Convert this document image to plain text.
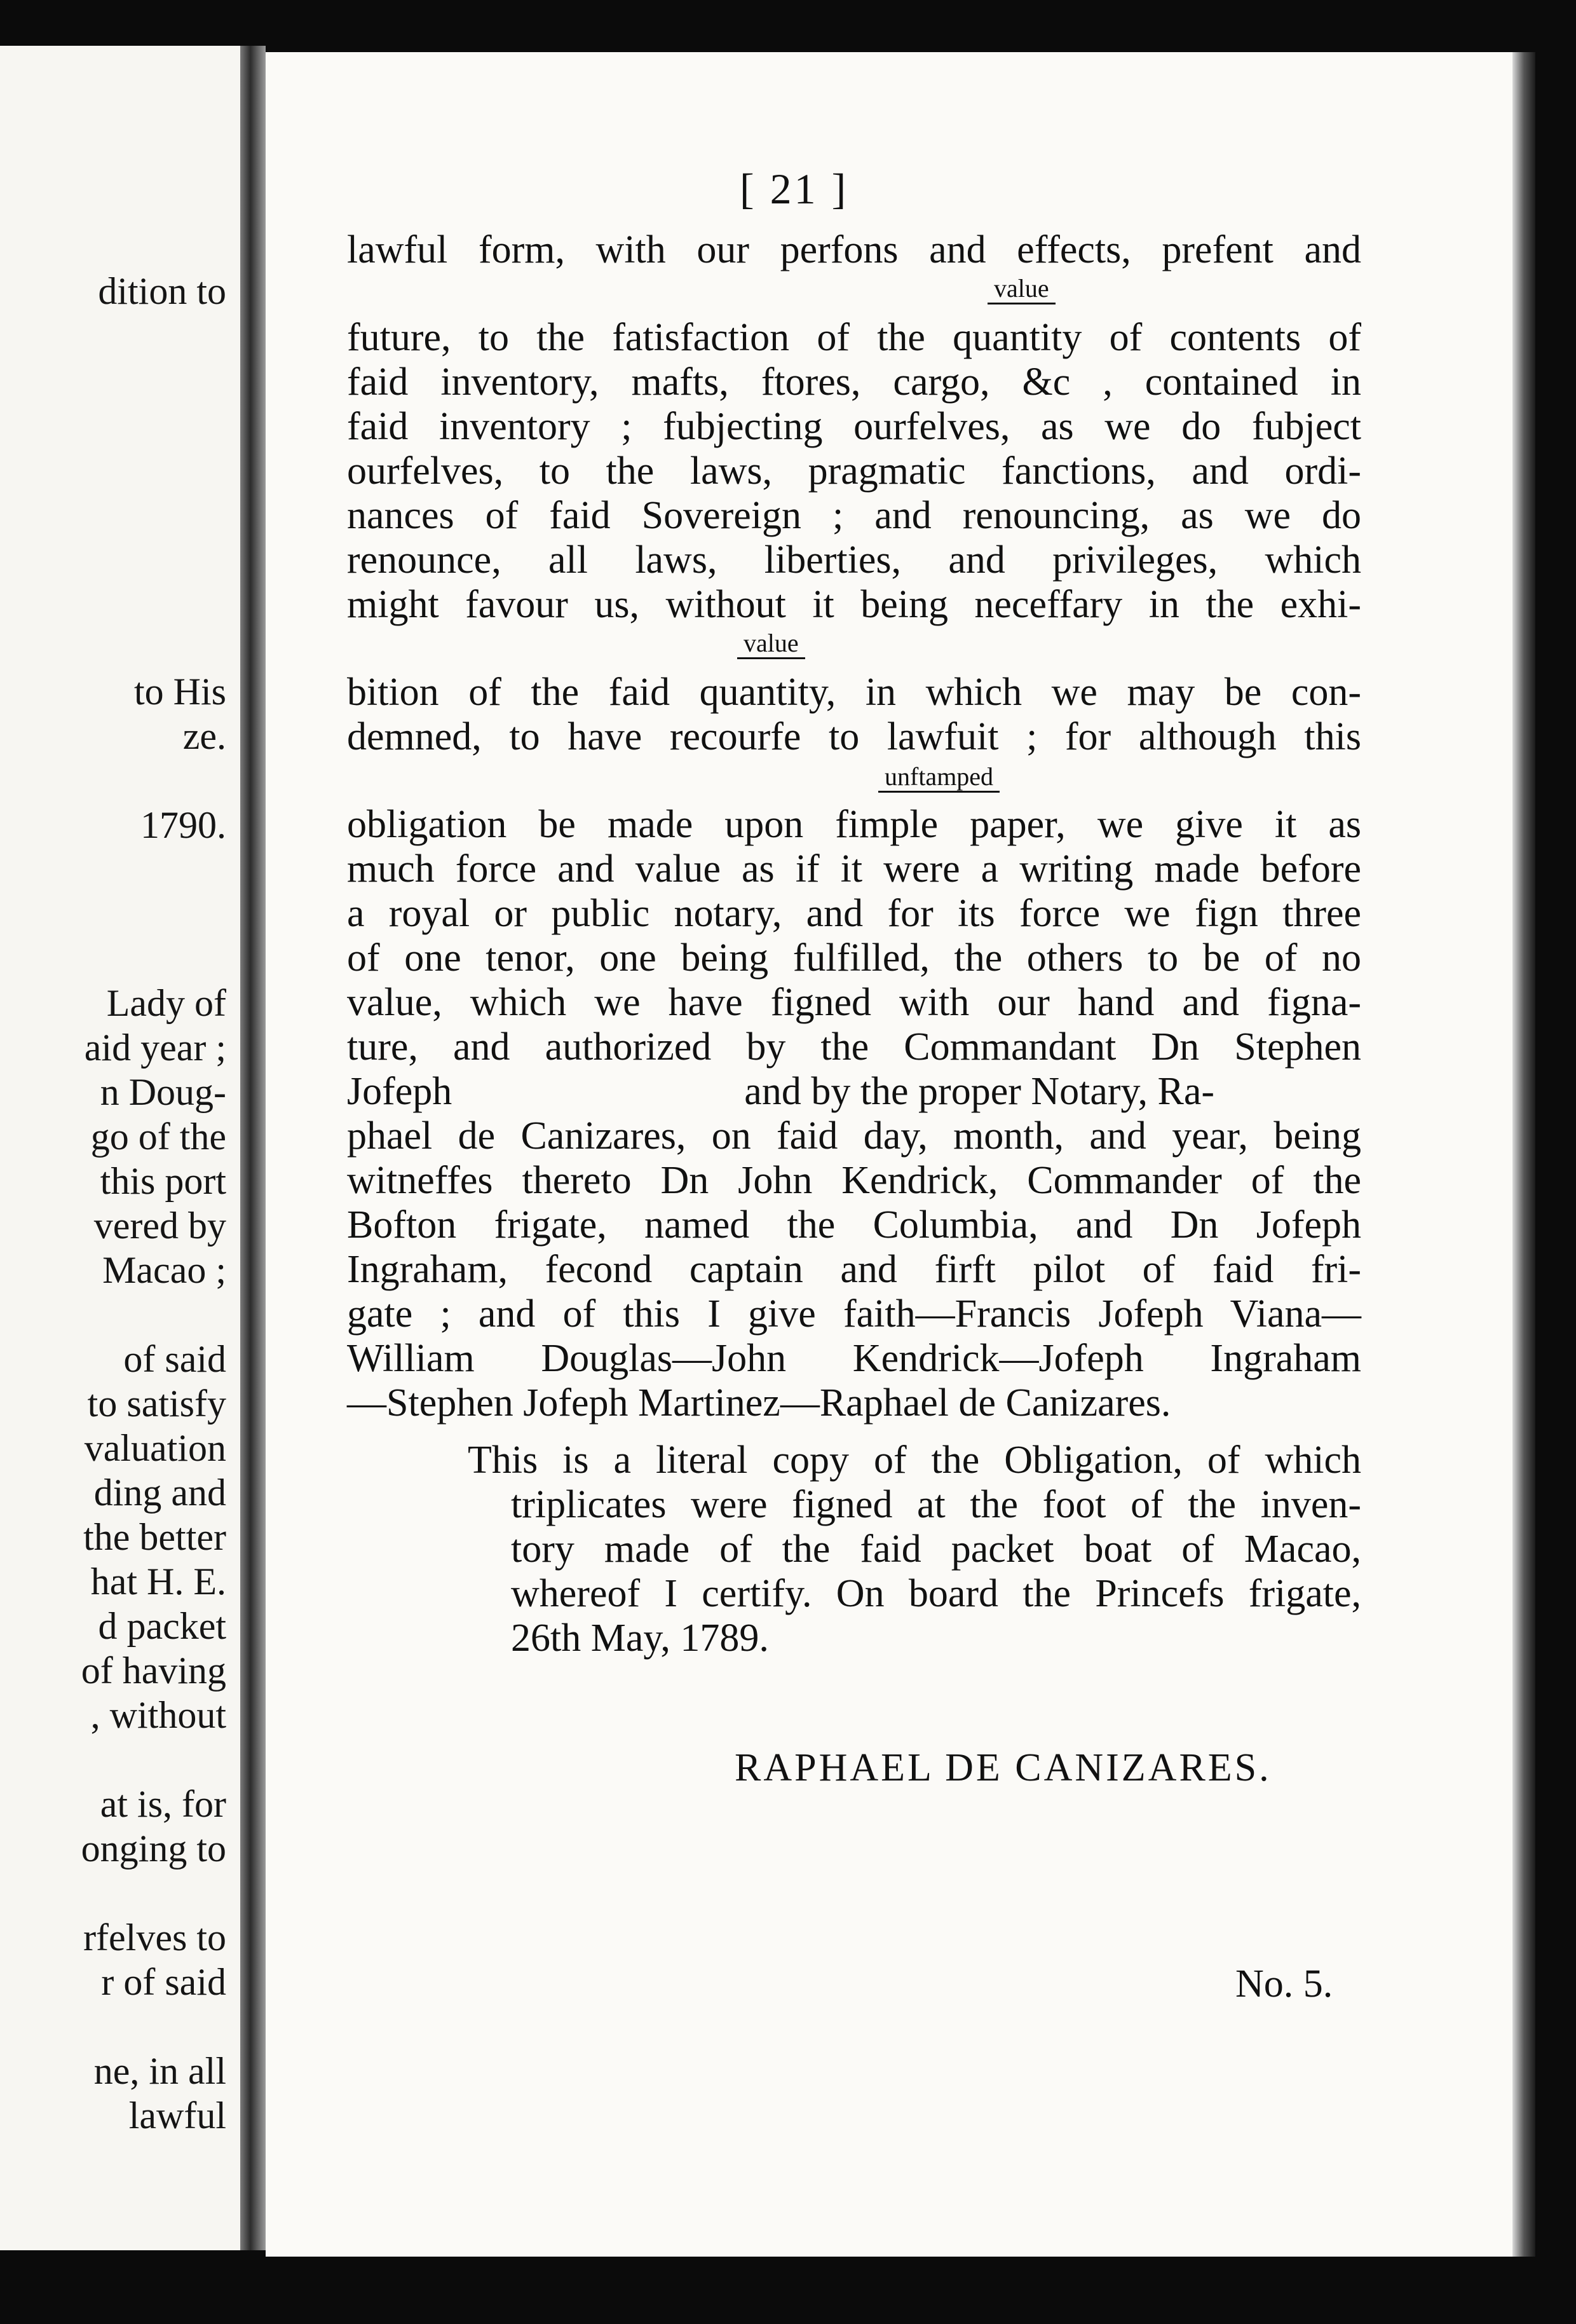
dition to
to His
ze.
1790.
Lady of
aid year ;
n Doug-
go of the
this port
vered by
Macao ;
of said
to satisfy
valuation
ding and
the better
hat H. E.
d packet
of having
, without
at is, for
onging to
rfelves to
r of said
ne, in all
lawful
[ 21 ]
lawful form, with our perfons and effects, prefent and
value
future, to the fatisfaction of the quantity of contents of
faid inventory, mafts, ftores, cargo, &c , contained in
faid inventory ; fubjecting ourfelves, as we do fubject
ourfelves, to the laws, pragmatic fanctions, and ordi-
nances of faid Sovereign ; and renouncing, as we do
renounce, all laws, liberties, and privileges, which
might favour us, without it being neceffary in the exhi-
value
bition of the faid quantity, in which we may be con-
demned, to have recourfe to lawfuit ; for although this
unftamped
obligation be made upon fimple paper, we give it as
much force and value as if it were a writing made before
a royal or public notary, and for its force we fign three
of one tenor, one being fulfilled, the others to be of no
value, which we have figned with our hand and figna-
ture, and authorized by the Commandant Dn Stephen
Jofeph	and by the proper Notary, Ra-
phael de Canizares, on faid day, month, and year, being
witneffes thereto Dn John Kendrick, Commander of the
Bofton frigate, named the Columbia, and Dn Jofeph
Ingraham, fecond captain and firft pilot of faid fri-
gate ; and of this I give faith—Francis Jofeph Viana—
William Douglas—John Kendrick—Jofeph Ingraham
—Stephen Jofeph Martinez—Raphael de Canizares.
This is a literal copy of the Obligation, of which
triplicates were figned at the foot of the inven-
tory made of the faid packet boat of Macao,
whereof I certify. On board the Princefs frigate,
26th May, 1789.
RAPHAEL DE CANIZARES.
No. 5.
